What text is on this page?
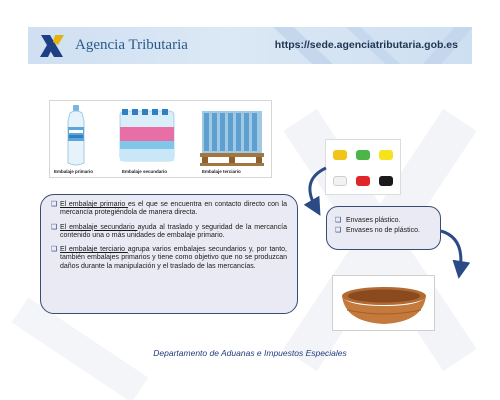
Agencia Tributaria	https://sede.agenciatributaria.gob.es
Embalaje primario	Embalaje secundario	Embalaje terciario
❑ El embalaje primario es el que se encuentra en contacto directo con la mercancía protegiéndola de manera directa.
❑ El embalaje secundario ayuda al traslado y seguridad de la mercancía contenido una o más unidades de embalaje primario.
❑ El embalaje terciario agrupa varios embalajes secundarios y, por tanto, también embalajes primarios y tiene como objetivo que no se produzcan daños durante la manipulación y el traslado de las mercancías.
❑ Envases plástico.
❑ Envases no de plástico.
Departamento de Aduanas e Impuestos Especiales
